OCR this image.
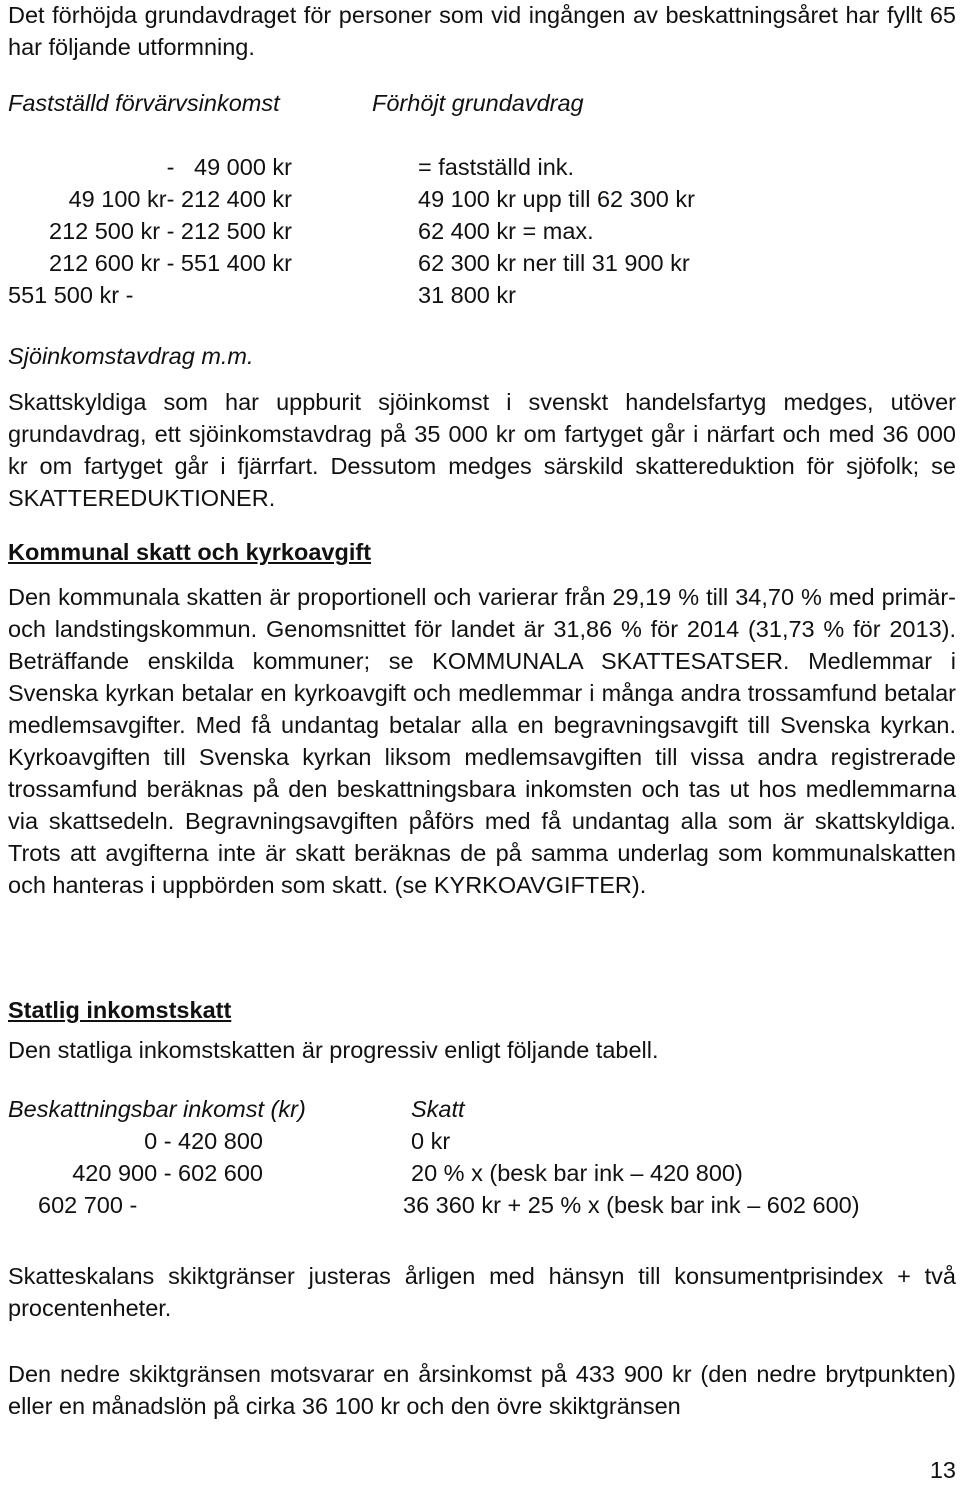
Det förhöjda grundavdraget för personer som vid ingången av beskattningsåret har fyllt 65 har följande utformning.

Fastställd förvärvsinkomst	Förhöjt grundavdrag
-   49 000 kr	= fastställd ink.
49 100 kr- 212 400 kr	49 100 kr upp till 62 300 kr
212 500 kr - 212 500 kr	62 400 kr = max.
212 600 kr - 551 400 kr	62 300 kr ner till 31 900 kr
551 500 kr -	31 800 kr

Sjöinkomstavdrag m.m.

Skattskyldiga som har uppburit sjöinkomst i svenskt handelsfartyg medges, utöver grundavdrag, ett sjöinkomstavdrag på 35 000 kr om fartyget går i närfart och med 36 000 kr om fartyget går i fjärrfart. Dessutom medges särskild skattereduktion för sjöfolk; se SKATTEREDUKTIONER.

Kommunal skatt och kyrkoavgift

Den kommunala skatten är proportionell och varierar från 29,19 % till 34,70 % med primär- och landstingskommun. Genomsnittet för landet är 31,86 % för 2014 (31,73 % för 2013). Beträffande enskilda kommuner; se KOMMUNALA SKATTESATSER. Medlemmar i Svenska kyrkan betalar en kyrkoavgift och medlemmar i många andra trossamfund betalar medlemsavgifter. Med få undantag betalar alla en begravningsavgift till Svenska kyrkan. Kyrkoavgiften till Svenska kyrkan liksom medlemsavgiften till vissa andra registrerade trossamfund beräknas på den beskattningsbara inkomsten och tas ut hos medlemmarna via skattsedeln. Begravningsavgiften påförs med få undantag alla som är skattskyldiga. Trots att avgifterna inte är skatt beräknas de på samma underlag som kommunalskatten och hanteras i uppbörden som skatt. (se KYRKOAVGIFTER).

Statlig inkomstskatt

Den statliga inkomstskatten är progressiv enligt följande tabell.

Beskattningsbar inkomst (kr)	Skatt
0 - 420 800	0 kr
420 900 - 602 600	20 % x (besk bar ink – 420 800)
602 700 -	36 360 kr + 25 % x (besk bar ink – 602 600)

Skatteskalans skiktgränser justeras årligen med hänsyn till konsumentprisindex + två procentenheter.

Den nedre skiktgränsen motsvarar en årsinkomst på 433 900 kr (den nedre brytpunkten) eller en månadslön på cirka 36 100 kr och den övre skiktgränsen

13
